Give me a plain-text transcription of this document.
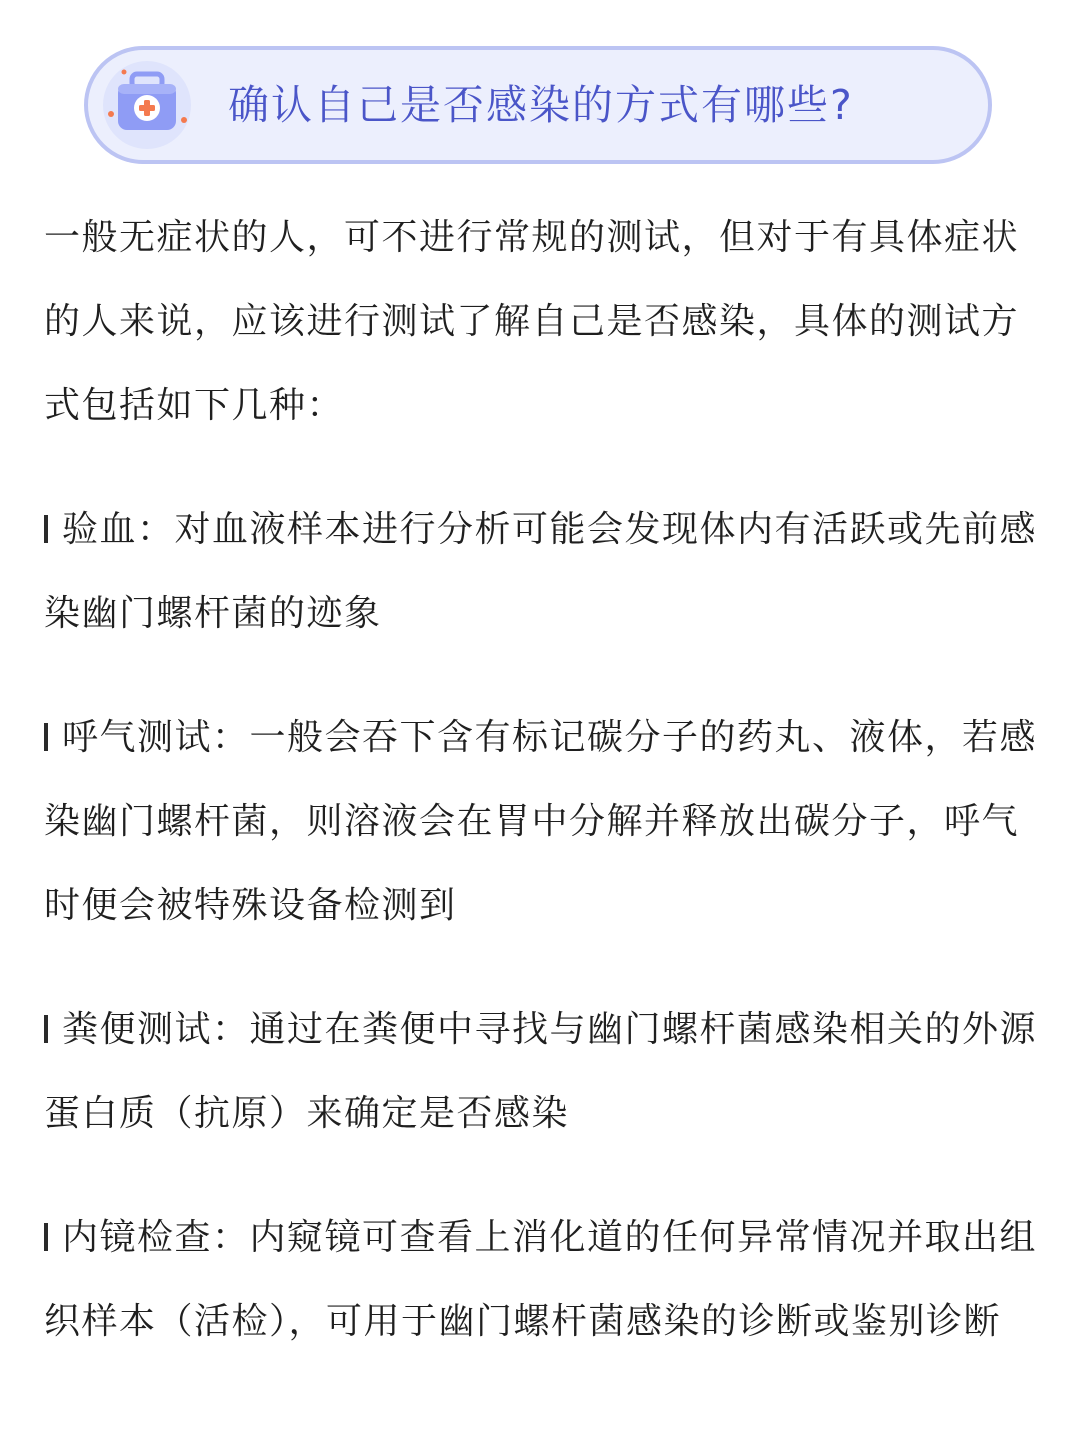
确认自己是否感染的方式有哪些?

一般无症状的人，可不进行常规的测试，但对于有具体症状的人来说，应该进行测试了解自己是否感染，具体的测试方式包括如下几种：

验血：对血液样本进行分析可能会发现体内有活跃或先前感染幽门螺杆菌的迹象

呼气测试：一般会吞下含有标记碳分子的药丸、液体，若感染幽门螺杆菌，则溶液会在胃中分解并释放出碳分子，呼气时便会被特殊设备检测到

粪便测试：通过在粪便中寻找与幽门螺杆菌感染相关的外源蛋白质（抗原）来确定是否感染

内镜检查：内窥镜可查看上消化道的任何异常情况并取出组织样本（活检），可用于幽门螺杆菌感染的诊断或鉴别诊断
